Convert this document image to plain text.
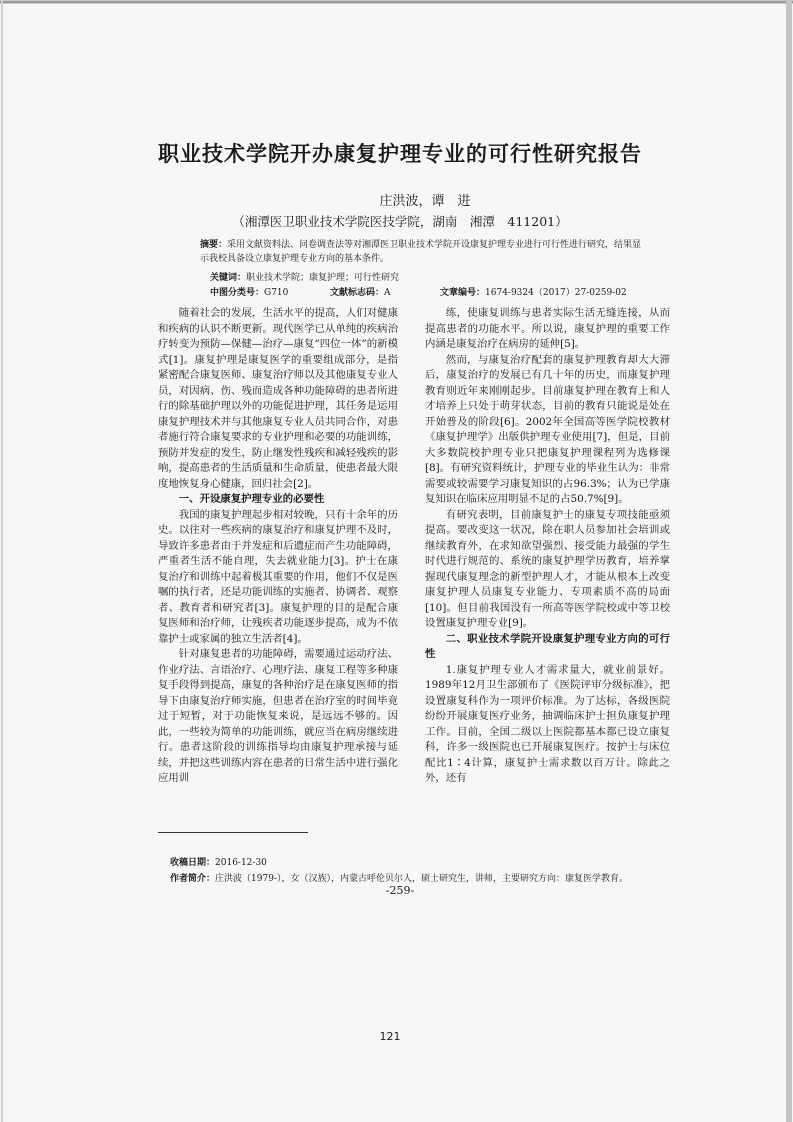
职业技术学院开办康复护理专业的可行性研究报告
庄洪波，谭　进
（湘潭医卫职业技术学院医技学院，湖南　湘潭　411201）
摘要：采用文献资料法、问卷调查法等对湘潭医卫职业技术学院开设康复护理专业进行可行性进行研究，结果显示我校具备设立康复护理专业方向的基本条件。
关键词：职业技术学院；康复护理；可行性研究
中图分类号：G710	文献标志码：A	文章编号：1674-9324（2017）27-0259-02

随着社会的发展，生活水平的提高，人们对健康和疾病的认识不断更新。现代医学已从单纯的疾病治疗转变为预防—保健—治疗—康复“四位一体”的新模式[1]。康复护理是康复医学的重要组成部分，是指紧密配合康复医师、康复治疗师以及其他康复专业人员，对因病、伤、残而造成各种功能障碍的患者所进行的除基础护理以外的功能促进护理，其任务是运用康复护理技术并与其他康复专业人员共同合作，对患者施行符合康复要求的专业护理和必要的功能训练，预防并发症的发生，防止继发性残疾和减轻残疾的影响，提高患者的生活质量和生命质量，使患者最大限度地恢复身心健康，回归社会[2]。

一、开设康复护理专业的必要性

我国的康复护理起步相对较晚，只有十余年的历史。以往对一些疾病的康复治疗和康复护理不及时，导致许多患者由于并发症和后遗症而产生功能障碍，严重者生活不能自理，失去就业能力[3]。护士在康复治疗和训练中起着极其重要的作用，他们不仅是医嘱的执行者，还是功能训练的实施者、协调者、观察者、教育者和研究者[3]。康复护理的目的是配合康复医师和治疗师，让残疾者功能逐步提高，成为不依靠护士或家属的独立生活者[4]。

针对康复患者的功能障碍，需要通过运动疗法、作业疗法、言语治疗、心理疗法、康复工程等多种康复手段得到提高，康复的各种治疗是在康复医师的指导下由康复治疗师实施，但患者在治疗室的时间毕竟过于短暂，对于功能恢复来说，是远远不够的。因此，一些较为简单的功能训练，就应当在病房继续进行。患者这阶段的训练指导均由康复护理承接与延续，并把这些训练内容在患者的日常生活中进行强化应用训

练，使康复训练与患者实际生活无缝连接，从而提高患者的功能水平。所以说，康复护理的重要工作内涵是康复治疗在病房的延伸[5]。

然而，与康复治疗配套的康复护理教育却大大滞后，康复治疗的发展已有几十年的历史，而康复护理教育则近年来刚刚起步。目前康复护理在教育上和人才培养上只处于萌芽状态，目前的教育只能说是处在开始普及的阶段[6]。2002年全国高等医学院校教材《康复护理学》出版供护理专业使用[7]，但是，目前大多数院校护理专业只把康复护理课程列为选修课[8]。有研究资料统计，护理专业的毕业生认为：非常需要或较需要学习康复知识的占96.3%；认为已学康复知识在临床应用明显不足的占50.7%[9]。

有研究表明，目前康复护士的康复专项技能亟须提高。要改变这一状况，除在职人员参加社会培训或继续教育外，在求知欲望强烈、接受能力最强的学生时代进行规范的、系统的康复护理学历教育，培养掌握现代康复理念的新型护理人才，才能从根本上改变康复护理人员康复专业能力、专项素质不高的局面[10]。但目前我国没有一所高等医学院校或中等卫校设置康复护理专业[9]。

二、职业技术学院开设康复护理专业方向的可行性

1.康复护理专业人才需求量大，就业前景好。1989年12月卫生部颁布了《医院评审分级标准》，把设置康复科作为一项评价标准。为了达标，各级医院纷纷开展康复医疗业务，抽调临床护士担负康复护理工作。目前，全国二级以上医院都基本都已设立康复科，许多一级医院也已开展康复医疗。按护士与床位配比1∶4计算，康复护士需求数以百万计。除此之外，还有

收稿日期：2016-12-30
作者简介：庄洪波（1979-），女（汉族），内蒙古呼伦贝尔人，硕士研究生，讲师，主要研究方向：康复医学教育。
-259-
121
